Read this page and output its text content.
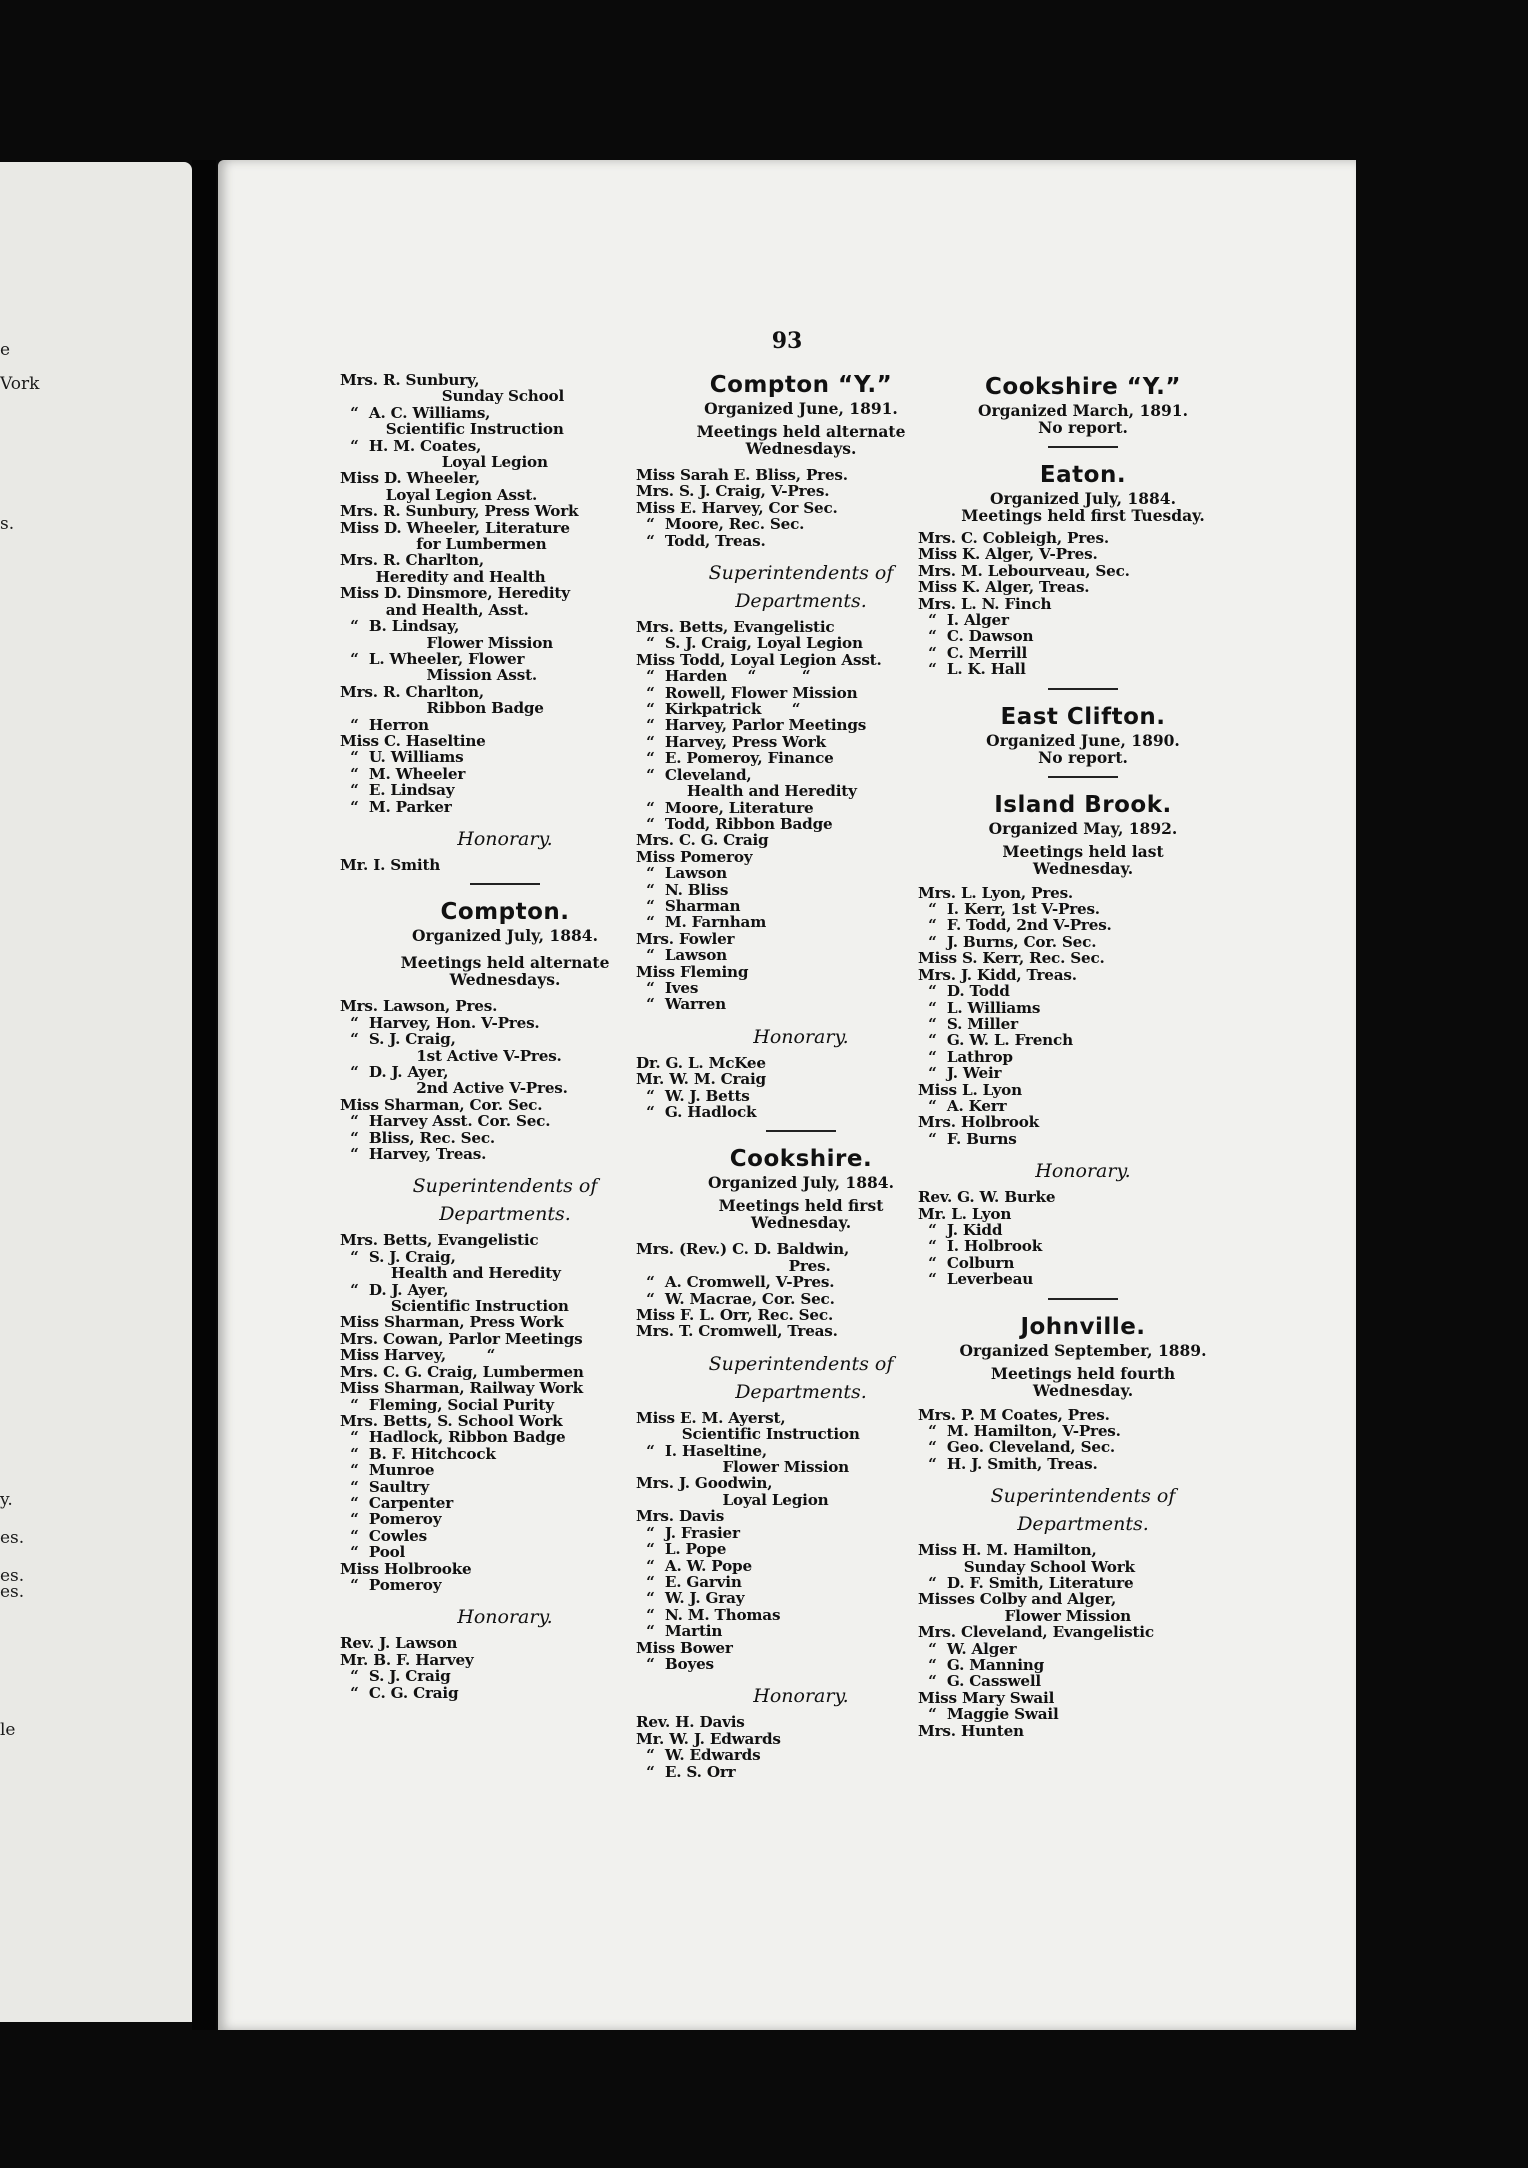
e
Vork
s.
y.
es.
es.
es.
le
93
Mrs. R. Sunbury,
Sunday School
“  A. C. Williams,
Scientific Instruction
“  H. M. Coates,
Loyal Legion
Miss D. Wheeler,
Loyal Legion Asst.
Mrs. R. Sunbury, Press Work
Miss D. Wheeler, Literature
for Lumbermen
Mrs. R. Charlton,
Heredity and Health
Miss D. Dinsmore, Heredity
and Health, Asst.
“  B. Lindsay,
Flower Mission
“  L. Wheeler, Flower
Mission Asst.
Mrs. R. Charlton,
Ribbon Badge
“  Herron
Miss C. Haseltine
“  U. Williams
“  M. Wheeler
“  E. Lindsay
“  M. Parker
Honorary.
Mr. I. Smith
Compton.
Organized July, 1884.
Meetings held alternate
Wednesdays.
Mrs. Lawson, Pres.
“  Harvey, Hon. V-Pres.
“  S. J. Craig,
1st Active V-Pres.
“  D. J. Ayer,
2nd Active V-Pres.
Miss Sharman, Cor. Sec.
“  Harvey Asst. Cor. Sec.
“  Bliss, Rec. Sec.
“  Harvey, Treas.
Superintendents of
Departments.
Mrs. Betts, Evangelistic
“  S. J. Craig,
Health and Heredity
“  D. J. Ayer,
Scientific Instruction
Miss Sharman, Press Work
Mrs. Cowan, Parlor Meetings
Miss Harvey,        “
Mrs. C. G. Craig, Lumbermen
Miss Sharman, Railway Work
“  Fleming, Social Purity
Mrs. Betts, S. School Work
“  Hadlock, Ribbon Badge
“  B. F. Hitchcock
“  Munroe
“  Saultry
“  Carpenter
“  Pomeroy
“  Cowles
“  Pool
Miss Holbrooke
“  Pomeroy
Honorary.
Rev. J. Lawson
Mr. B. F. Harvey
“  S. J. Craig
“  C. G. Craig
Compton “Y.”
Organized June, 1891.
Meetings held alternate
Wednesdays.
Miss Sarah E. Bliss, Pres.
Mrs. S. J. Craig, V-Pres.
Miss E. Harvey, Cor Sec.
“  Moore, Rec. Sec.
“  Todd, Treas.
Superintendents of
Departments.
Mrs. Betts, Evangelistic
“  S. J. Craig, Loyal Legion
Miss Todd, Loyal Legion Asst.
“  Harden    “         “
“  Rowell, Flower Mission
“  Kirkpatrick      “
“  Harvey, Parlor Meetings
“  Harvey, Press Work
“  E. Pomeroy, Finance
“  Cleveland,
Health and Heredity
“  Moore, Literature
“  Todd, Ribbon Badge
Mrs. C. G. Craig
Miss Pomeroy
“  Lawson
“  N. Bliss
“  Sharman
“  M. Farnham
Mrs. Fowler
“  Lawson
Miss Fleming
“  Ives
“  Warren
Honorary.
Dr. G. L. McKee
Mr. W. M. Craig
“  W. J. Betts
“  G. Hadlock
Cookshire.
Organized July, 1884.
Meetings held first
Wednesday.
Mrs. (Rev.) C. D. Baldwin,
Pres.
“  A. Cromwell, V-Pres.
“  W. Macrae, Cor. Sec.
Miss F. L. Orr, Rec. Sec.
Mrs. T. Cromwell, Treas.
Superintendents of
Departments.
Miss E. M. Ayerst,
Scientific Instruction
“  I. Haseltine,
Flower Mission
Mrs. J. Goodwin,
Loyal Legion
Mrs. Davis
“  J. Frasier
“  L. Pope
“  A. W. Pope
“  E. Garvin
“  W. J. Gray
“  N. M. Thomas
“  Martin
Miss Bower
“  Boyes
Honorary.
Rev. H. Davis
Mr. W. J. Edwards
“  W. Edwards
“  E. S. Orr
Cookshire “Y.”
Organized March, 1891.
No report.
Eaton.
Organized July, 1884.
Meetings held first Tuesday.
Mrs. C. Cobleigh, Pres.
Miss K. Alger, V-Pres.
Mrs. M. Lebourveau, Sec.
Miss K. Alger, Treas.
Mrs. L. N. Finch
“  I. Alger
“  C. Dawson
“  C. Merrill
“  L. K. Hall
East Clifton.
Organized June, 1890.
No report.
Island Brook.
Organized May, 1892.
Meetings held last
Wednesday.
Mrs. L. Lyon, Pres.
“  I. Kerr, 1st V-Pres.
“  F. Todd, 2nd V-Pres.
“  J. Burns, Cor. Sec.
Miss S. Kerr, Rec. Sec.
Mrs. J. Kidd, Treas.
“  D. Todd
“  L. Williams
“  S. Miller
“  G. W. L. French
“  Lathrop
“  J. Weir
Miss L. Lyon
“  A. Kerr
Mrs. Holbrook
“  F. Burns
Honorary.
Rev. G. W. Burke
Mr. L. Lyon
“  J. Kidd
“  I. Holbrook
“  Colburn
“  Leverbeau
Johnville.
Organized September, 1889.
Meetings held fourth
Wednesday.
Mrs. P. M Coates, Pres.
“  M. Hamilton, V-Pres.
“  Geo. Cleveland, Sec.
“  H. J. Smith, Treas.
Superintendents of
Departments.
Miss H. M. Hamilton,
Sunday School Work
“  D. F. Smith, Literature
Misses Colby and Alger,
Flower Mission
Mrs. Cleveland, Evangelistic
“  W. Alger
“  G. Manning
“  G. Casswell
Miss Mary Swail
“  Maggie Swail
Mrs. Hunten
